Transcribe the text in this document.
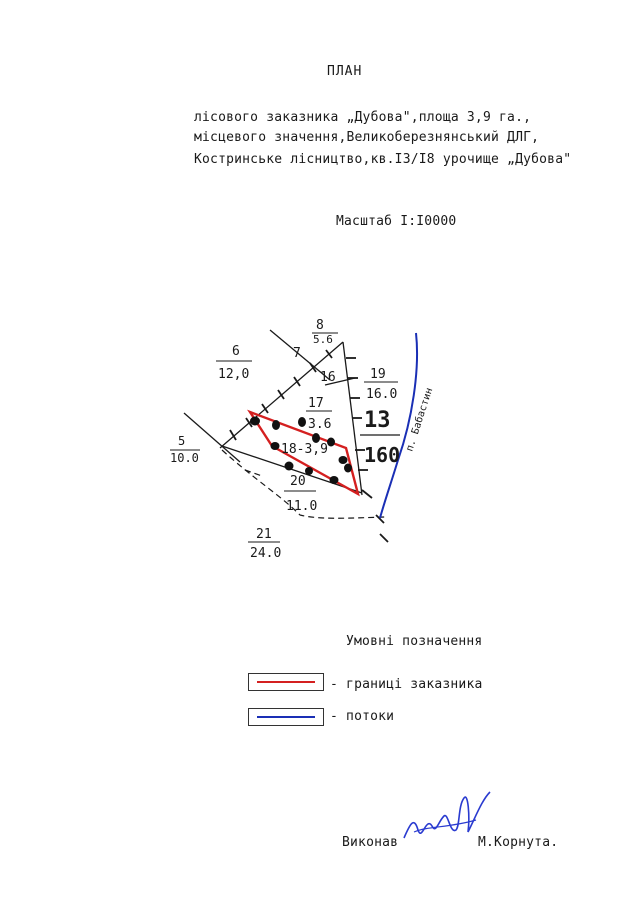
ПЛАН
лісового заказника „Дубова",площа 3,9 га.,
місцевого значення,Великоберезнянський ДЛГ,
Костринське лісництво,кв.I3/I8 урочище „Дубова"
Масштаб I:I0000
6
12,0
7
8
5.6
16	19
16.0
17
3.6 13
160
18-3,9
5
10.0
20
11.0
21
24.0
п. Бабастин
Умовні позначення
- границі заказника
- потоки
Виконав	М.Корнута.
